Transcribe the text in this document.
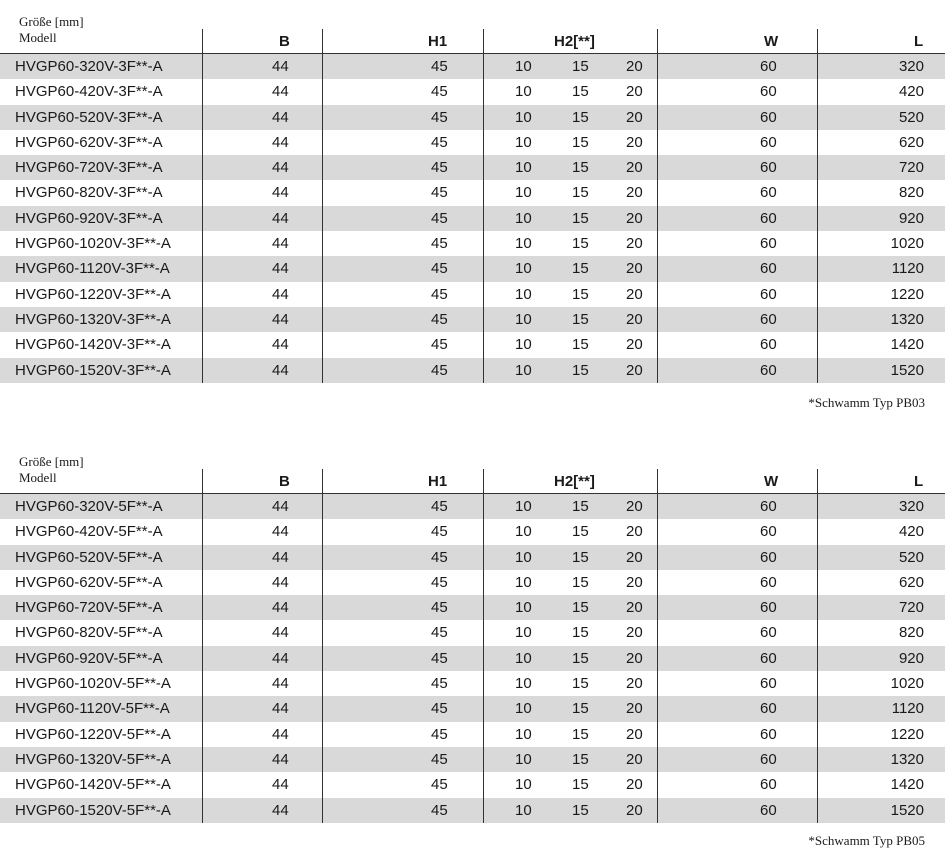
Größe [mm]
Modell	B	H1	H2[**]	W	L
HVGP60-320V-3F**-A	44	45	10	15 20	60	320
HVGP60-420V-3F**-A	44	45	10	15 20	60	420
HVGP60-520V-3F**-A	44	45	10	15 20	60	520
HVGP60-620V-3F**-A	44	45	10	15 20	60	620
HVGP60-720V-3F**-A	44	45	10	15 20	60	720
HVGP60-820V-3F**-A	44	45	10	15 20	60	820
HVGP60-920V-3F**-A	44	45	10	15 20	60	920
HVGP60-1020V-3F**-A	44	45	10	15 20	60	1020
HVGP60-1120V-3F**-A	44	45	10	15 20	60	1120
HVGP60-1220V-3F**-A	44	45	10	15 20	60	1220
HVGP60-1320V-3F**-A	44	45	10	15 20	60	1320
HVGP60-1420V-3F**-A	44	45	10	15 20	60	1420
HVGP60-1520V-3F**-A	44	45	10	15 20	60	1520
*Schwamm Typ PB03
Größe [mm]
Modell	B	H1	H2[**]	W	L
HVGP60-320V-5F**-A	44	45	10	15 20	60	320
HVGP60-420V-5F**-A	44	45	10	15 20	60	420
HVGP60-520V-5F**-A	44	45	10	15 20	60	520
HVGP60-620V-5F**-A	44	45	10	15 20	60	620
HVGP60-720V-5F**-A	44	45	10	15 20	60	720
HVGP60-820V-5F**-A	44	45	10	15 20	60	820
HVGP60-920V-5F**-A	44	45	10	15 20	60	920
HVGP60-1020V-5F**-A	44	45	10	15 20	60	1020
HVGP60-1120V-5F**-A	44	45	10	15 20	60	1120
HVGP60-1220V-5F**-A	44	45	10	15 20	60	1220
HVGP60-1320V-5F**-A	44	45	10	15 20	60	1320
HVGP60-1420V-5F**-A	44	45	10	15 20	60	1420
HVGP60-1520V-5F**-A	44	45	10	15 20	60	1520
*Schwamm Typ PB05
